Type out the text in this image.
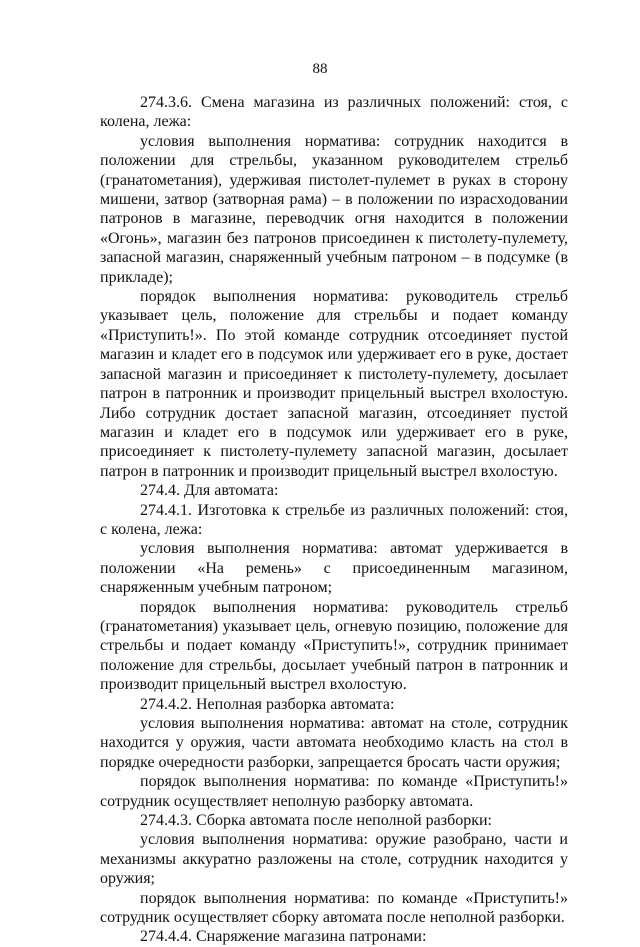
88

274.3.6. Смена магазина из различных положений: стоя, с колена, лежа:

условия выполнения норматива: сотрудник находится в положении для стрельбы, указанном руководителем стрельб (гранатометания), удерживая пистолет-пулемет в руках в сторону мишени, затвор (затворная рама) – в положении по израсходовании патронов в магазине, переводчик огня находится в положении «Огонь», магазин без патронов присоединен к пистолету-пулемету, запасной магазин, снаряженный учебным патроном – в подсумке (в прикладе);

порядок выполнения норматива: руководитель стрельб указывает цель, положение для стрельбы и подает команду «Приступить!». По этой команде сотрудник отсоединяет пустой магазин и кладет его в подсумок или удерживает его в руке, достает запасной магазин и присоединяет к пистолету-пулемету, досылает патрон в патронник и производит прицельный выстрел вхолостую. Либо сотрудник достает запасной магазин, отсоединяет пустой магазин и кладет его в подсумок или удерживает его в руке, присоединяет к пистолету-пулемету запасной магазин, досылает патрон в патронник и производит прицельный выстрел вхолостую.

274.4. Для автомата:

274.4.1. Изготовка к стрельбе из различных положений: стоя, с колена, лежа:

условия выполнения норматива: автомат удерживается в положении «На ремень» с присоединенным магазином, снаряженным учебным патроном;

порядок выполнения норматива: руководитель стрельб (гранатометания) указывает цель, огневую позицию, положение для стрельбы и подает команду «Приступить!», сотрудник принимает положение для стрельбы, досылает учебный патрон в патронник и производит прицельный выстрел вхолостую.

274.4.2. Неполная разборка автомата:

условия выполнения норматива: автомат на столе, сотрудник находится у оружия, части автомата необходимо класть на стол в порядке очередности разборки, запрещается бросать части оружия;

порядок выполнения норматива: по команде «Приступить!» сотрудник осуществляет неполную разборку автомата.

274.4.3. Сборка автомата после неполной разборки:

условия выполнения норматива: оружие разобрано, части и механизмы аккуратно разложены на столе, сотрудник находится у оружия;

порядок выполнения норматива: по команде «Приступить!» сотрудник осуществляет сборку автомата после неполной разборки.

274.4.4. Снаряжение магазина патронами:
